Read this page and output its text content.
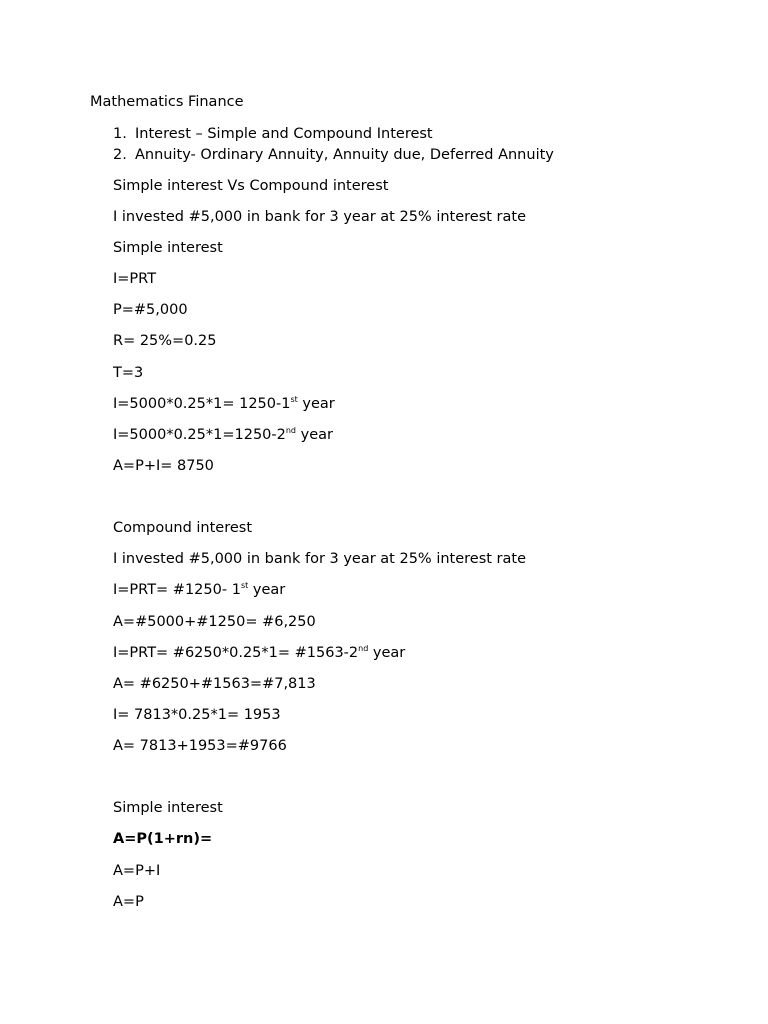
Mathematics Finance
1. Interest – Simple and Compound Interest
2. Annuity- Ordinary Annuity, Annuity due, Deferred Annuity
Simple interest Vs Compound interest
I invested #5,000 in bank for 3 year at 25% interest rate
Simple interest
I=PRT
P=#5,000
R= 25%=0.25
T=3
I=5000*0.25*1= 1250-1st year
I=5000*0.25*1=1250-2nd year
A=P+I= 8750
Compound interest
I invested #5,000 in bank for 3 year at 25% interest rate
I=PRT= #1250- 1st year
A=#5000+#1250= #6,250
I=PRT= #6250*0.25*1= #1563-2nd year
A= #6250+#1563=#7,813
I= 7813*0.25*1= 1953
A= 7813+1953=#9766
Simple interest
A=P(1+rn)=
A=P+I
A=P
